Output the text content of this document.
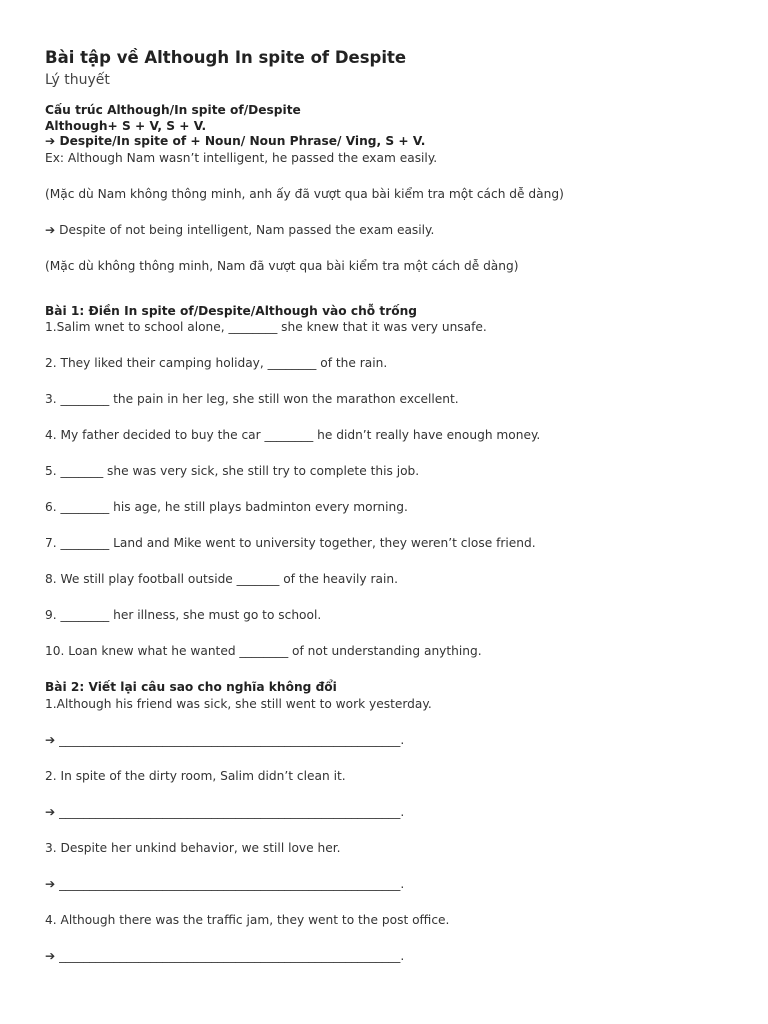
Bài tập về Although In spite of Despite
Lý thuyết
Cấu trúc Although/In spite of/Despite
Although+ S + V, S + V.
➔ Despite/In spite of + Noun/ Noun Phrase/ Ving, S + V.
Ex: Although Nam wasn’t intelligent, he passed the exam easily.
(Mặc dù Nam không thông minh, anh ấy đã vượt qua bài kiểm tra một cách dễ dàng)
➔ Despite of not being intelligent, Nam passed the exam easily.
(Mặc dù không thông minh, Nam đã vượt qua bài kiểm tra một cách dễ dàng)
Bài 1: Điền In spite of/Despite/Although vào chỗ trống
1.Salim wnet to school alone, ________ she knew that it was very unsafe.
2. They liked their camping holiday, ________ of the rain.
3. ________ the pain in her leg, she still won the marathon excellent.
4. My father decided to buy the car ________ he didn’t really have enough money.
5. _______ she was very sick, she still try to complete this job.
6. ________ his age, he still plays badminton every morning.
7. ________ Land and Mike went to university together, they weren’t close friend.
8. We still play football outside _______ of the heavily rain.
9. ________ her illness, she must go to school.
10. Loan knew what he wanted ________ of not understanding anything.
Bài 2: Viết lại câu sao cho nghĩa không đổi
1.Although his friend was sick, she still went to work yesterday.
➔ ________________________________________________________.
2. In spite of the dirty room, Salim didn’t clean it.
➔ ________________________________________________________.
3. Despite her unkind behavior, we still love her.
➔ ________________________________________________________.
4. Although there was the traffic jam, they went to the post office.
➔ ________________________________________________________.
